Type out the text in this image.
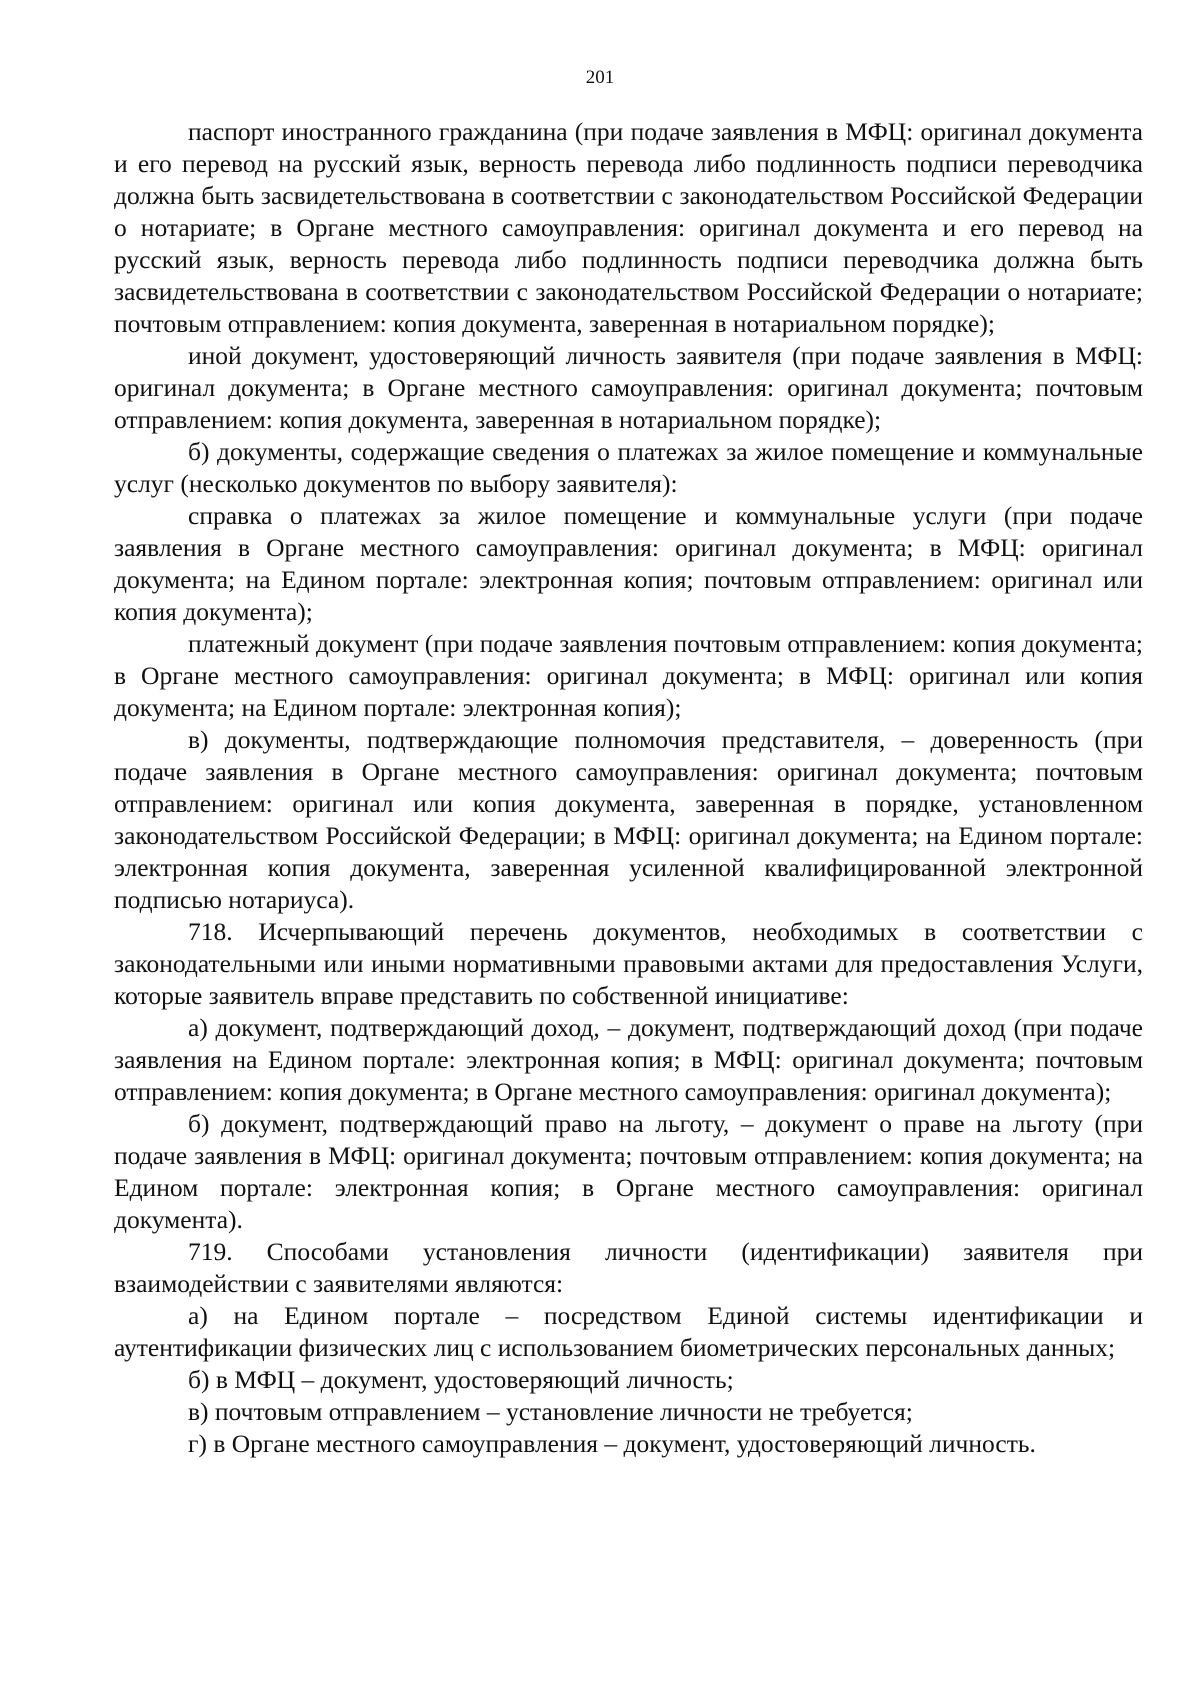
201

паспорт иностранного гражданина (при подаче заявления в МФЦ: оригинал документа и его перевод на русский язык, верность перевода либо подлинность подписи переводчика должна быть засвидетельствована в соответствии с законодательством Российской Федерации о нотариате; в Органе местного самоуправления: оригинал документа и его перевод на русский язык, верность перевода либо подлинность подписи переводчика должна быть засвидетельствована в соответствии с законодательством Российской Федерации о нотариате; почтовым отправлением: копия документа, заверенная в нотариальном порядке);

иной документ, удостоверяющий личность заявителя (при подаче заявления в МФЦ: оригинал документа; в Органе местного самоуправления: оригинал документа; почтовым отправлением: копия документа, заверенная в нотариальном порядке);

б) документы, содержащие сведения о платежах за жилое помещение и коммунальные услуг (несколько документов по выбору заявителя):

справка о платежах за жилое помещение и коммунальные услуги (при подаче заявления в Органе местного самоуправления: оригинал документа; в МФЦ: оригинал документа; на Едином портале: электронная копия; почтовым отправлением: оригинал или копия документа);

платежный документ (при подаче заявления почтовым отправлением: копия документа; в Органе местного самоуправления: оригинал документа; в МФЦ: оригинал или копия документа; на Едином портале: электронная копия);

в) документы, подтверждающие полномочия представителя, – доверенность (при подаче заявления в Органе местного самоуправления: оригинал документа; почтовым отправлением: оригинал или копия документа, заверенная в порядке, установленном законодательством Российской Федерации; в МФЦ: оригинал документа; на Едином портале: электронная копия документа, заверенная усиленной квалифицированной электронной подписью нотариуса).

718. Исчерпывающий перечень документов, необходимых в соответствии с законодательными или иными нормативными правовыми актами для предоставления Услуги, которые заявитель вправе представить по собственной инициативе:

а) документ, подтверждающий доход, – документ, подтверждающий доход (при подаче заявления на Едином портале: электронная копия; в МФЦ: оригинал документа; почтовым отправлением: копия документа; в Органе местного самоуправления: оригинал документа);

б) документ, подтверждающий право на льготу, – документ о праве на льготу (при подаче заявления в МФЦ: оригинал документа; почтовым отправлением: копия документа; на Едином портале: электронная копия; в Органе местного самоуправления: оригинал документа).

719. Способами установления личности (идентификации) заявителя при взаимодействии с заявителями являются:

а) на Едином портале – посредством Единой системы идентификации и аутентификации физических лиц с использованием биометрических персональных данных;

б) в МФЦ – документ, удостоверяющий личность;

в) почтовым отправлением – установление личности не требуется;

г) в Органе местного самоуправления – документ, удостоверяющий личность.
